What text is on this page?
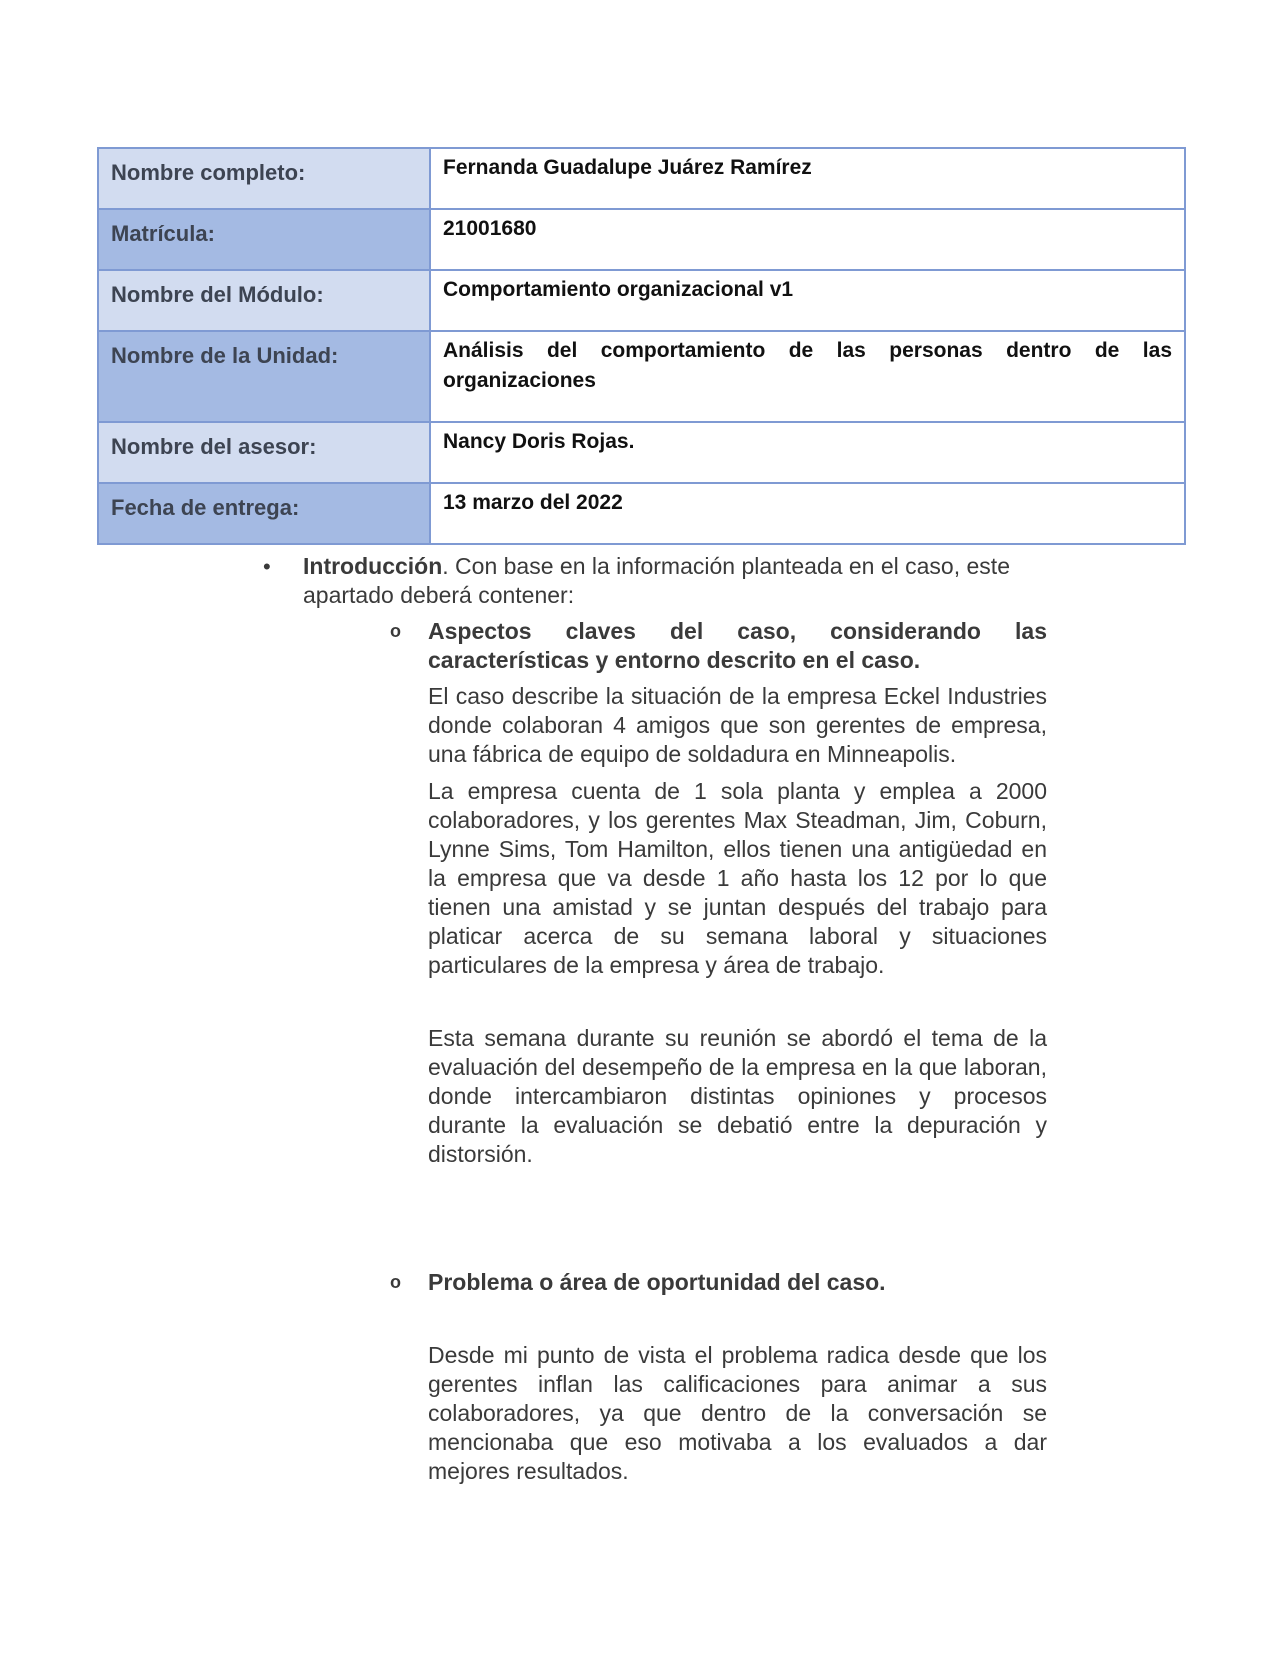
Nombre completo:	Fernanda Guadalupe Juárez Ramírez
Matrícula:	21001680
Nombre del Módulo:	Comportamiento organizacional v1
Nombre de la Unidad:	Análisis del comportamiento de las personas dentro de las organizaciones
Nombre del asesor:	Nancy Doris Rojas.
Fecha de entrega:	13 marzo del 2022
• Introducción. Con base en la información planteada en el caso, este apartado deberá contener:
o Aspectos claves del caso, considerando las características y entorno descrito en el caso.

El caso describe la situación de la empresa Eckel Industries donde colaboran 4 amigos que son gerentes de empresa, una fábrica de equipo de soldadura en Minneapolis.

La empresa cuenta de 1 sola planta y emplea a 2000 colaboradores, y los gerentes Max Steadman, Jim, Coburn, Lynne Sims, Tom Hamilton, ellos tienen una antigüedad en la empresa que va desde 1 año hasta los 12 por lo que tienen una amistad y se juntan después del trabajo para platicar acerca de su semana laboral y situaciones particulares de la empresa y área de trabajo.

Esta semana durante su reunión se abordó el tema de la evaluación del desempeño de la empresa en la que laboran, donde intercambiaron distintas opiniones y procesos durante la evaluación se debatió entre la depuración y distorsión.

o Problema o área de oportunidad del caso.

Desde mi punto de vista el problema radica desde que los gerentes inflan las calificaciones para animar a sus colaboradores, ya que dentro de la conversación se mencionaba que eso motivaba a los evaluados a dar mejores resultados.
